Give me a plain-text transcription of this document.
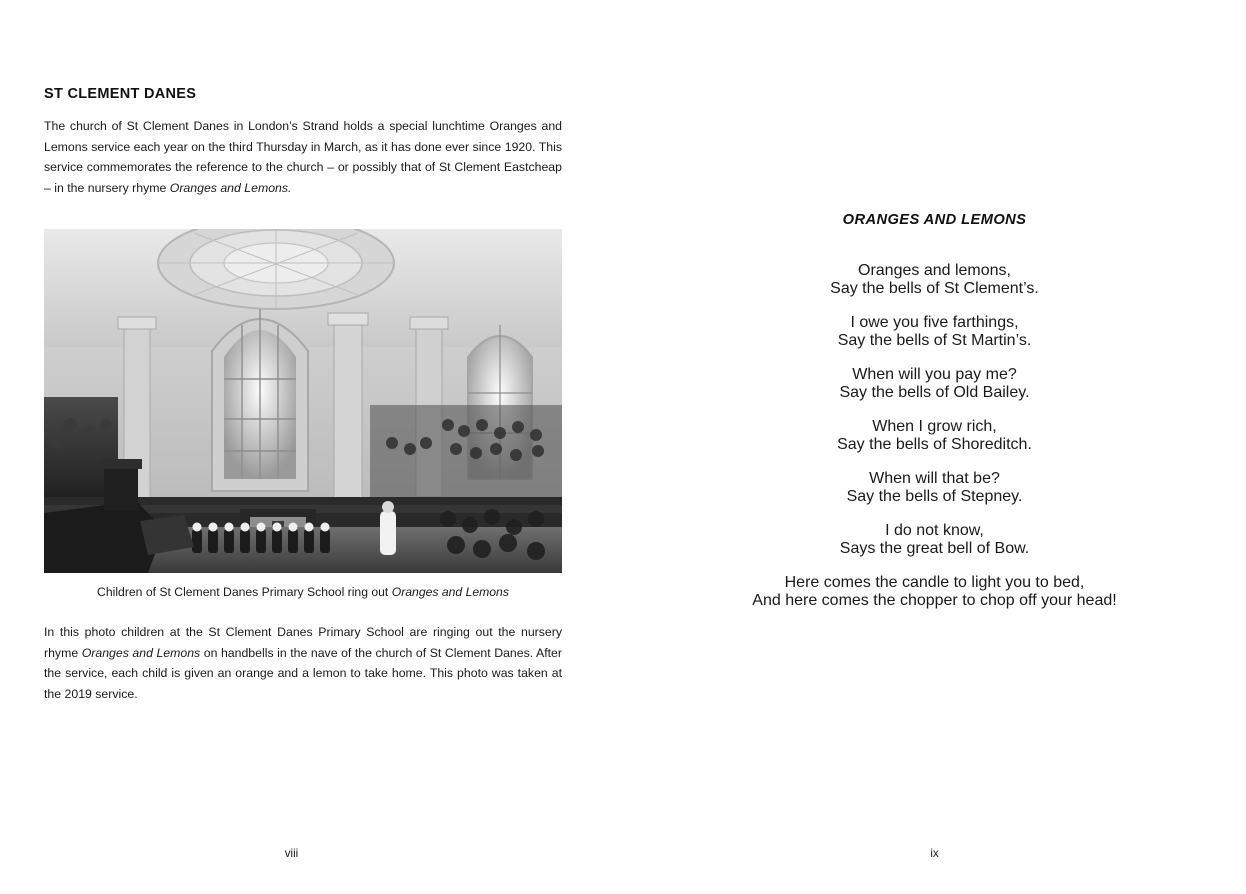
ST CLEMENT DANES

The church of St Clement Danes in London’s Strand holds a special lunchtime Oranges and Lemons service each year on the third Thursday in March, as it has done ever since 1920. This service commemorates the reference to the church – or possibly that of St Clement Eastcheap – in the nursery rhyme Oranges and Lemons.

Children of St Clement Danes Primary School ring out Oranges and Lemons

In this photo children at the St Clement Danes Primary School are ringing out the nursery rhyme Oranges and Lemons on handbells in the nave of the church of St Clement Danes. After the service, each child is given an orange and a lemon to take home. This photo was taken at the 2019 service.

viii
ORANGES AND LEMONS

Oranges and lemons,
Say the bells of St Clement’s.

I owe you five farthings,
Say the bells of St Martin’s.

When will you pay me?
Say the bells of Old Bailey.

When I grow rich,
Say the bells of Shoreditch.

When will that be?
Say the bells of Stepney.

I do not know,
Says the great bell of Bow.

Here comes the candle to light you to bed,
And here comes the chopper to chop off your head!

ix
